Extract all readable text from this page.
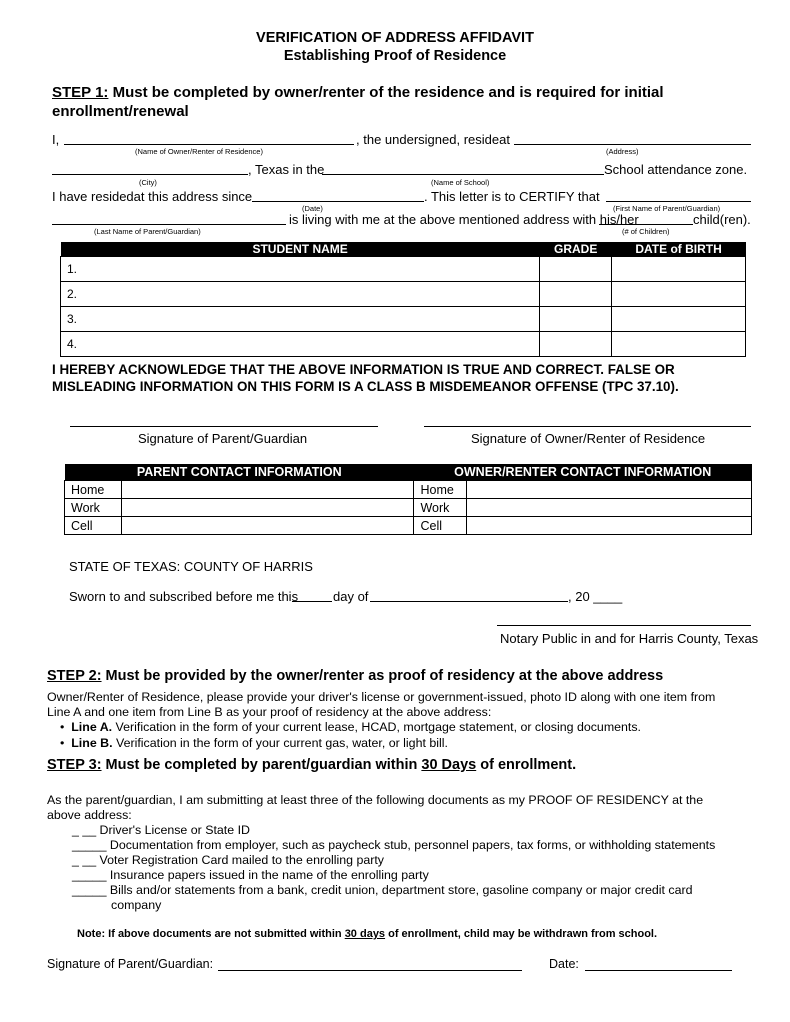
VERIFICATION OF ADDRESS AFFIDAVIT
Establishing Proof of Residence
STEP 1: Must be completed by owner/renter of the residence and is required for initial enrollment/renewal
I,	, the undersigned, resideat
(Name of Owner/Renter of Residence)	(Address)
, Texas in the	School attendance zone.
(City)	(Name of School)
I have residedat this address since	. This letter is to CERTIFY that
(Date)	(First Name of Parent/Guardian)
is living with me at the above mentioned address with his/her	child(ren).
(Last Name of Parent/Guardian)	(# of Children)
STUDENT NAME	GRADE	DATE of BIRTH
1.		
2.		
3.		
4.		
I HEREBY ACKNOWLEDGE THAT THE ABOVE INFORMATION IS TRUE AND CORRECT. FALSE OR MISLEADING INFORMATION ON THIS FORM IS A CLASS B MISDEMEANOR OFFENSE (TPC 37.10).
Signature of Parent/Guardian	Signature of Owner/Renter of Residence
PARENT CONTACT INFORMATION		OWNER/RENTER CONTACT INFORMATION	
Home		Home	
Work		Work	
Cell		Cell	
STATE OF TEXAS: COUNTY OF HARRIS
Sworn to and subscribed before me this	day of	, 20 ____
Notary Public in and for Harris County, Texas
STEP 2: Must be provided by the owner/renter as proof of residency at the above address
Owner/Renter of Residence, please provide your driver's license or government-issued, photo ID along with one item from Line A and one item from Line B as your proof of residency at the above address:
•  Line A. Verification in the form of your current lease, HCAD, mortgage statement, or closing documents.
•  Line B. Verification in the form of your current gas, water, or light bill.
STEP 3: Must be completed by parent/guardian within 30 Days of enrollment.
As the parent/guardian, I am submitting at least three of the following documents as my PROOF OF RESIDENCY at the above address:
_ __ Driver's License or State ID
_____ Documentation from employer, such as paycheck stub, personnel papers, tax forms, or withholding statements
_ __ Voter Registration Card mailed to the enrolling party
_____ Insurance papers issued in the name of the enrolling party
_____ Bills and/or statements from a bank, credit union, department store, gasoline company or major credit card
company
Note: If above documents are not submitted within 30 days of enrollment, child may be withdrawn from school.
Signature of Parent/Guardian:	Date:
